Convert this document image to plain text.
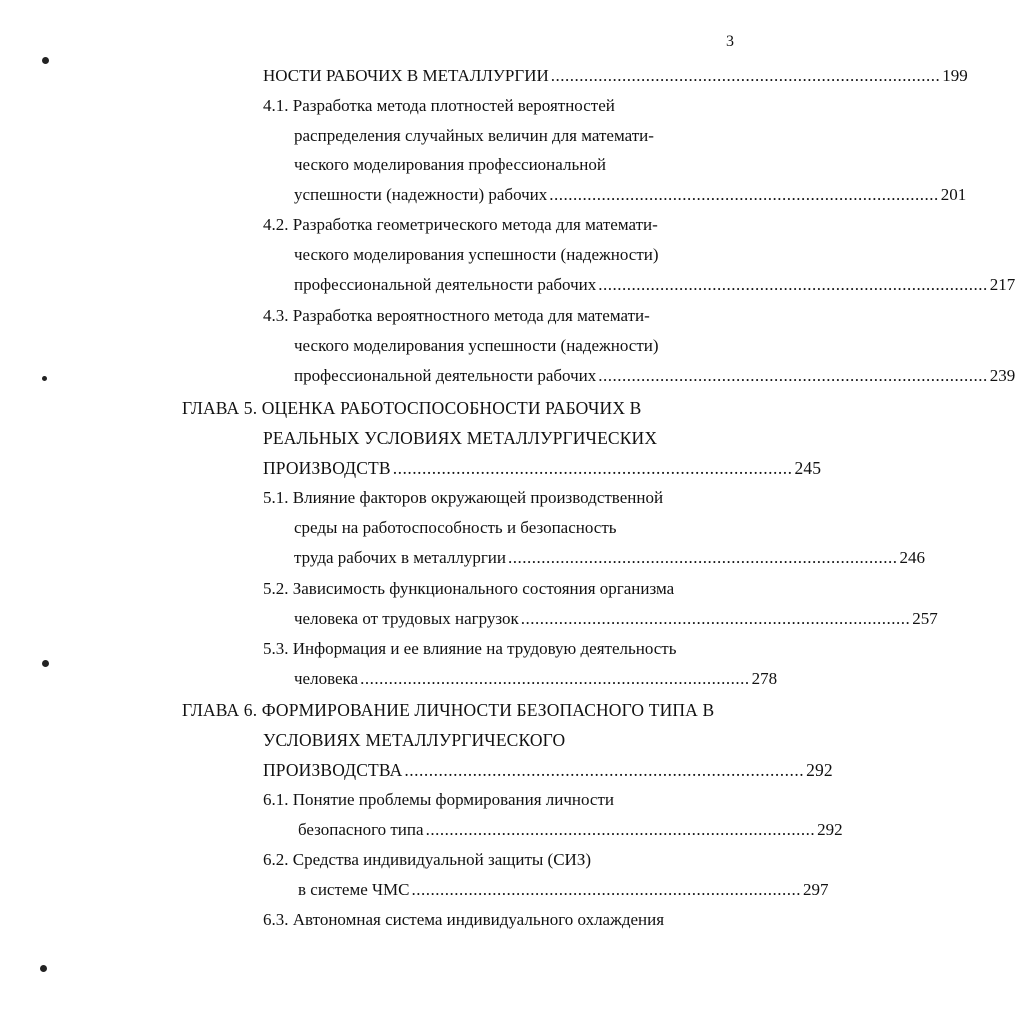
3
НОСТИ РАБОЧИХ В МЕТАЛЛУРГИИ .................................................................................. 199
4.1. Разработка метода плотностей вероятностей
распределения случайных величин для математи-
ческого моделирования профессиональной
успешности (надежности) рабочих .................................................................................. 201
4.2. Разработка геометрического метода для математи-
ческого моделирования успешности (надежности)
профессиональной деятельности рабочих .................................................................................. 217
4.3. Разработка вероятностного метода для математи-
ческого моделирования успешности (надежности)
профессиональной деятельности рабочих .................................................................................. 239
ГЛАВА 5. ОЦЕНКА РАБОТОСПОСОБНОСТИ РАБОЧИХ В
РЕАЛЬНЫХ УСЛОВИЯХ МЕТАЛЛУРГИЧЕСКИХ
ПРОИЗВОДСТВ .................................................................................. 245
5.1. Влияние факторов окружающей производственной
среды на работоспособность и безопасность
труда рабочих в металлургии .................................................................................. 246
5.2. Зависимость функционального состояния организма
человека от трудовых нагрузок .................................................................................. 257
5.3. Информация и ее влияние на трудовую деятельность
человека .................................................................................. 278
ГЛАВА 6. ФОРМИРОВАНИЕ ЛИЧНОСТИ БЕЗОПАСНОГО ТИПА В
УСЛОВИЯХ МЕТАЛЛУРГИЧЕСКОГО
ПРОИЗВОДСТВА .................................................................................. 292
6.1. Понятие проблемы формирования личности
безопасного типа .................................................................................. 292
6.2. Средства индивидуальной защиты (СИЗ)
в системе ЧМС .................................................................................. 297
6.3. Автономная система индивидуального охлаждения
